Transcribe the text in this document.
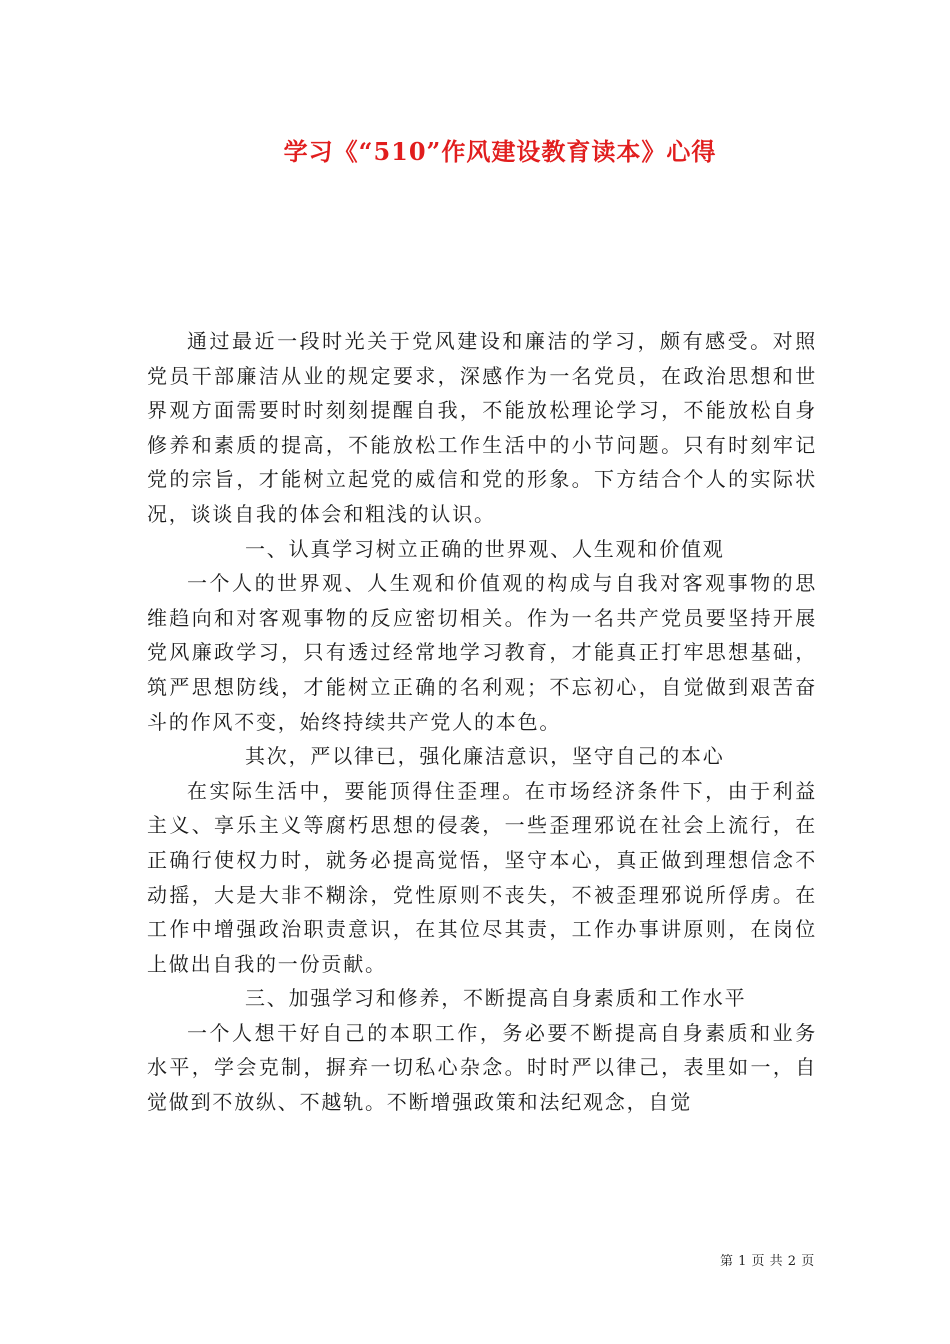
学习《“510”作风建设教育读本》心得

通过最近一段时光关于党风建设和廉洁的学习，颇有感受。对照党员干部廉洁从业的规定要求，深感作为一名党员，在政治思想和世界观方面需要时时刻刻提醒自我，不能放松理论学习，不能放松自身修养和素质的提高，不能放松工作生活中的小节问题。只有时刻牢记党的宗旨，才能树立起党的威信和党的形象。下方结合个人的实际状况，谈谈自我的体会和粗浅的认识。

一、认真学习树立正确的世界观、人生观和价值观

一个人的世界观、人生观和价值观的构成与自我对客观事物的思维趋向和对客观事物的反应密切相关。作为一名共产党员要坚持开展党风廉政学习，只有透过经常地学习教育，才能真正打牢思想基础，筑严思想防线，才能树立正确的名利观；不忘初心，自觉做到艰苦奋斗的作风不变，始终持续共产党人的本色。

其次，严以律已，强化廉洁意识，坚守自己的本心

在实际生活中，要能顶得住歪理。在市场经济条件下，由于利益主义、享乐主义等腐朽思想的侵袭，一些歪理邪说在社会上流行，在正确行使权力时，就务必提高觉悟，坚守本心，真正做到理想信念不动摇，大是大非不糊涂，党性原则不丧失，不被歪理邪说所俘虏。在工作中增强政治职责意识，在其位尽其责，工作办事讲原则，在岗位上做出自我的一份贡献。

三、加强学习和修养，不断提高自身素质和工作水平

一个人想干好自己的本职工作，务必要不断提高自身素质和业务水平，学会克制，摒弃一切私心杂念。时时严以律己，表里如一，自觉做到不放纵、不越轨。不断增强政策和法纪观念，自觉

第 1 页 共 2 页
